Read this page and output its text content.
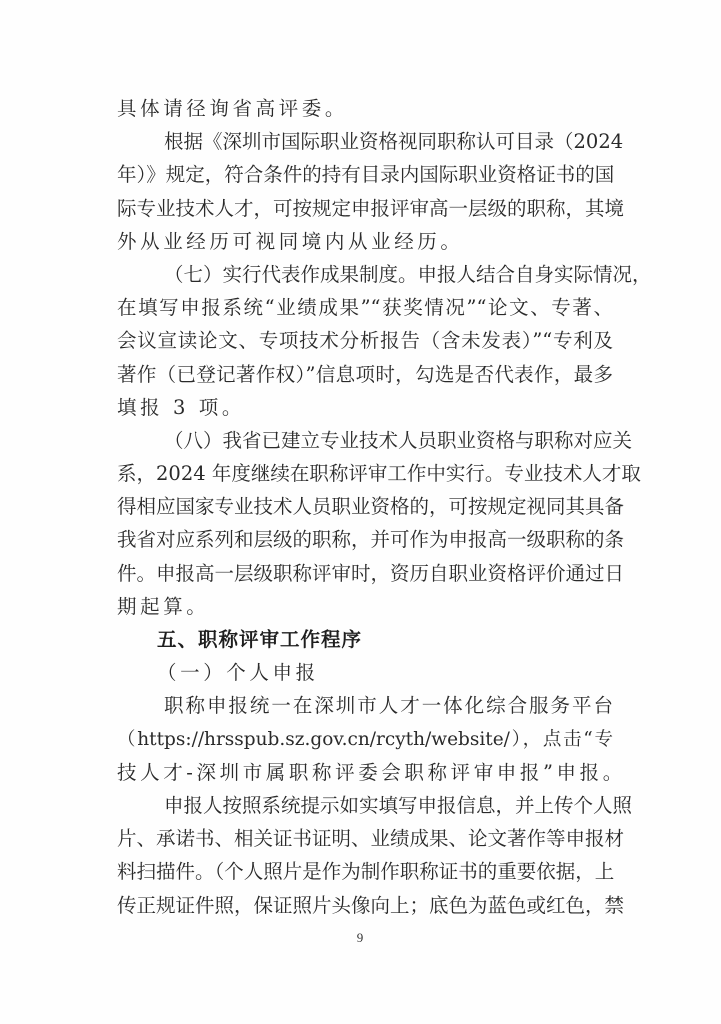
具体请径询省高评委。
根据《深圳市国际职业资格视同职称认可目录（2024
年）》规定，符合条件的持有目录内国际职业资格证书的国
际专业技术人才，可按规定申报评审高一层级的职称，其境
外从业经历可视同境内从业经历。
（七）实行代表作成果制度。申报人结合自身实际情况，
在填写申报系统“业绩成果”“获奖情况”“论文、专著、
会议宣读论文、专项技术分析报告（含未发表）”“专利及
著作（已登记著作权）”信息项时，勾选是否代表作，最多
填报 3 项。
（八）我省已建立专业技术人员职业资格与职称对应关
系，2024 年度继续在职称评审工作中实行。专业技术人才取
得相应国家专业技术人员职业资格的，可按规定视同其具备
我省对应系列和层级的职称，并可作为申报高一级职称的条
件。申报高一层级职称评审时，资历自职业资格评价通过日
期起算。
五、职称评审工作程序
（一）个人申报
职称申报统一在深圳市人才一体化综合服务平台
（https://hrsspub.sz.gov.cn/rcyth/website/），点击“专
技人才-深圳市属职称评委会职称评审申报”申报。
申报人按照系统提示如实填写申报信息，并上传个人照
片、承诺书、相关证书证明、业绩成果、论文著作等申报材
料扫描件。（个人照片是作为制作职称证书的重要依据，上
传正规证件照，保证照片头像向上；底色为蓝色或红色，禁
9
